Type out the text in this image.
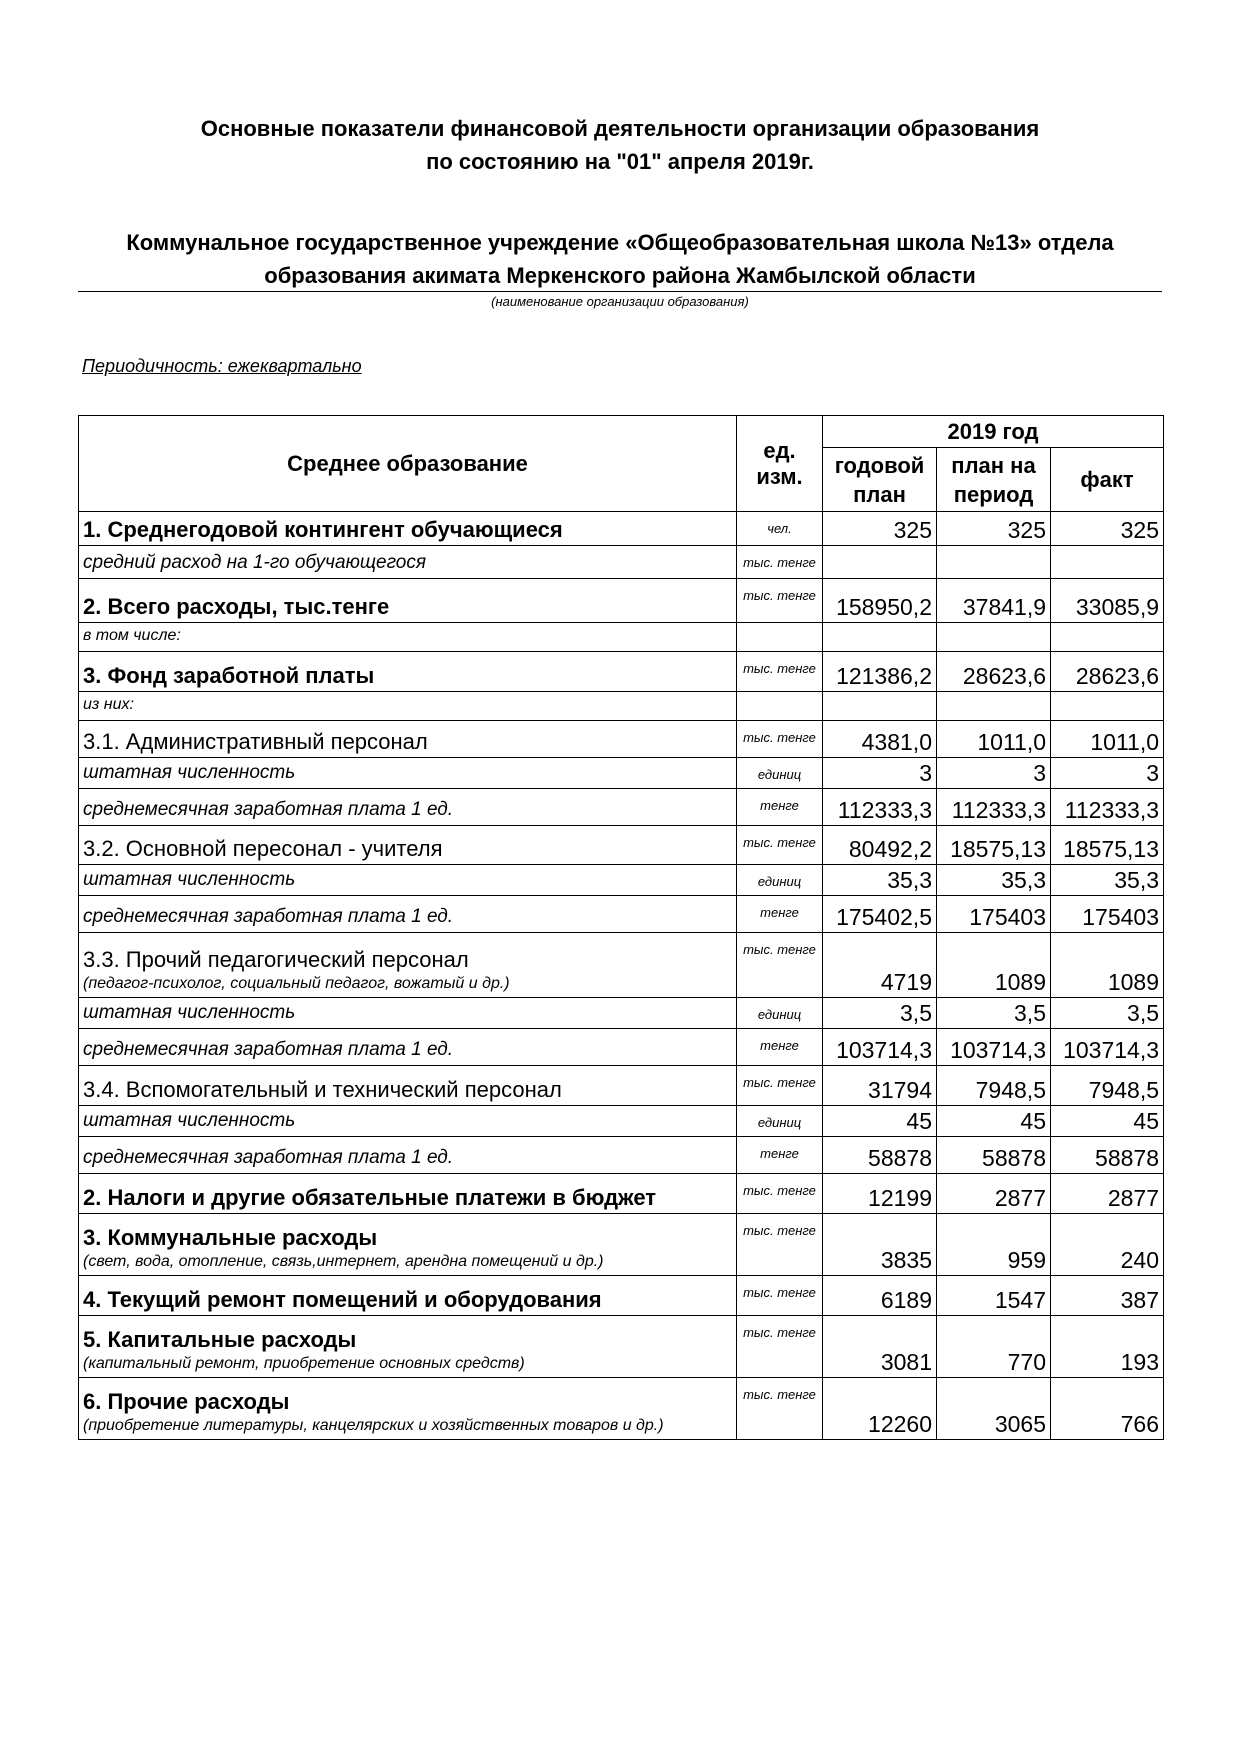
Основные показатели финансовой деятельности организации образования
по состоянию на "01" апреля 2019г.
Коммунальное государственное учреждение «Общеобразовательная школа №13» отдела
образования акимата Меркенского района Жамбылской области
(наименование организации образования)
Периодичность: ежеквартально
Среднее образование	ед. изм.	2019 год		
		годовой план	план на период	факт
1. Среднегодовой контингент обучающиеся	чел.	325	325	325
средний расход на 1-го обучающегося	тыс. тенге			
2. Всего расходы, тыс.тенге	тыс. тенге	158950,2	37841,9	33085,9
в том числе:				
3. Фонд заработной платы	тыс. тенге	121386,2	28623,6	28623,6
из них:				
3.1. Административный персонал	тыс. тенге	4381,0	1011,0	1011,0
штатная численность	единиц	3	3	3
среднемесячная заработная плата 1 ед.	тенге	112333,3	112333,3	112333,3
3.2. Основной пересонал - учителя	тыс. тенге	80492,2	18575,13	18575,13
штатная численность	единиц	35,3	35,3	35,3
среднемесячная заработная плата 1 ед.	тенге	175402,5	175403	175403
3.3. Прочий педагогический персонал
(педагог-психолог, социальный педагог, вожатый и др.)	тыс. тенге	4719	1089	1089
штатная численность	единиц	3,5	3,5	3,5
среднемесячная заработная плата 1 ед.	тенге	103714,3	103714,3	103714,3
3.4. Вспомогательный и технический персонал	тыс. тенге	31794	7948,5	7948,5
штатная численность	единиц	45	45	45
среднемесячная заработная плата 1 ед.	тенге	58878	58878	58878
2. Налоги и другие обязательные платежи в бюджет	тыс. тенге	12199	2877	2877
3. Коммунальные расходы
(свет, вода, отопление, связь,интернет, арендна помещений и др.)	тыс. тенге	3835	959	240
4. Текущий ремонт помещений и оборудования	тыс. тенге	6189	1547	387
5. Капитальные расходы
(капитальный ремонт, приобретение основных средств)	тыс. тенге	3081	770	193
6. Прочие расходы
(приобретение литературы, канцелярских и хозяйственных товаров и др.)	тыс. тенге	12260	3065	766
